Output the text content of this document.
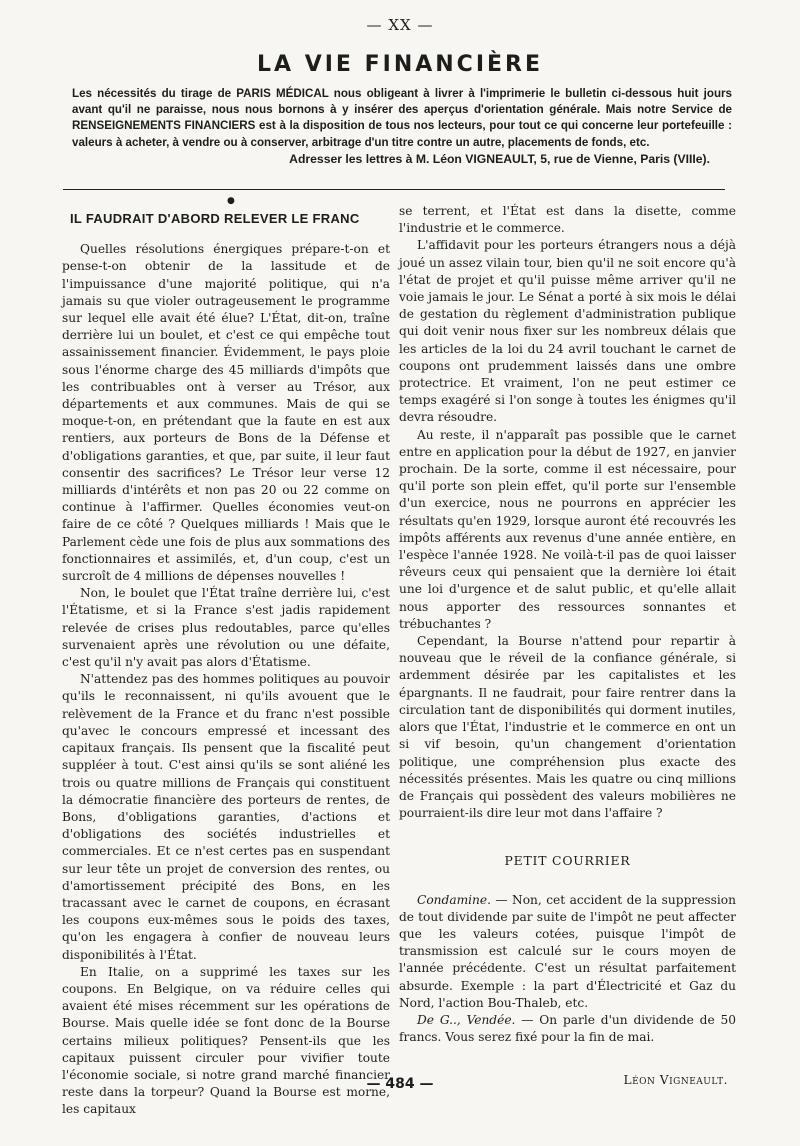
— XX —
LA VIE FINANCIÈRE
Les nécessités du tirage de PARIS MÉDICAL nous obligeant à livrer à l'imprimerie le bulletin ci-dessous huit jours avant qu'il ne paraisse, nous nous bornons à y insérer des aperçus d'orientation générale. Mais notre Service de RENSEIGNEMENTS FINANCIERS est à la disposition de tous nos lecteurs, pour tout ce qui concerne leur portefeuille : valeurs à acheter, à vendre ou à conserver, arbitrage d'un titre contre un autre, placements de fonds, etc.
Adresser les lettres à M. Léon VIGNEAULT, 5, rue de Vienne, Paris (VIIIe).
●

IL FAUDRAIT D'ABORD RELEVER LE FRANC

Quelles résolutions énergiques prépare-t-on et pense-t-on obtenir de la lassitude et de l'impuissance d'une majorité politique, qui n'a jamais su que violer outrageusement le programme sur lequel elle avait été élue? L'État, dit-on, traîne derrière lui un boulet, et c'est ce qui empêche tout assainissement financier. Évidemment, le pays ploie sous l'énorme charge des 45 milliards d'impôts que les contribuables ont à verser au Trésor, aux départements et aux communes. Mais de qui se moque-t-on, en prétendant que la faute en est aux rentiers, aux porteurs de Bons de la Défense et d'obligations garanties, et que, par suite, il leur faut consentir des sacrifices? Le Trésor leur verse 12 milliards d'intérêts et non pas 20 ou 22 comme on continue à l'affirmer. Quelles économies veut-on faire de ce côté ? Quelques milliards ! Mais que le Parlement cède une fois de plus aux sommations des fonctionnaires et assimilés, et, d'un coup, c'est un surcroît de 4 millions de dépenses nouvelles !

Non, le boulet que l'État traîne derrière lui, c'est l'Étatisme, et si la France s'est jadis rapidement relevée de crises plus redoutables, parce qu'elles survenaient après une révolution ou une défaite, c'est qu'il n'y avait pas alors d'Étatisme.

N'attendez pas des hommes politiques au pouvoir qu'ils le reconnaissent, ni qu'ils avouent que le relèvement de la France et du franc n'est possible qu'avec le concours empressé et incessant des capitaux français. Ils pensent que la fiscalité peut suppléer à tout. C'est ainsi qu'ils se sont aliéné les trois ou quatre millions de Français qui constituent la démocratie financière des porteurs de rentes, de Bons, d'obligations garanties, d'actions et d'obligations des sociétés industrielles et commerciales. Et ce n'est certes pas en suspendant sur leur tête un projet de conversion des rentes, ou d'amortissement précipité des Bons, en les tracassant avec le carnet de coupons, en écrasant les coupons eux-mêmes sous le poids des taxes, qu'on les engagera à confier de nouveau leurs disponibilités à l'État.

En Italie, on a supprimé les taxes sur les coupons. En Belgique, on va réduire celles qui avaient été mises récemment sur les opérations de Bourse. Mais quelle idée se font donc de la Bourse certains milieux politiques? Pensent-ils que les capitaux puissent circuler pour vivifier toute l'économie sociale, si notre grand marché financier reste dans la torpeur? Quand la Bourse est morne, les capitaux

se terrent, et l'État est dans la disette, comme l'industrie et le commerce.

L'affidavit pour les porteurs étrangers nous a déjà joué un assez vilain tour, bien qu'il ne soit encore qu'à l'état de projet et qu'il puisse même arriver qu'il ne voie jamais le jour. Le Sénat a porté à six mois le délai de gestation du règlement d'administration publique qui doit venir nous fixer sur les nombreux délais que les articles de la loi du 24 avril touchant le carnet de coupons ont prudemment laissés dans une ombre protectrice. Et vraiment, l'on ne peut estimer ce temps exagéré si l'on songe à toutes les énigmes qu'il devra résoudre.

Au reste, il n'apparaît pas possible que le carnet entre en application pour la début de 1927, en janvier prochain. De la sorte, comme il est nécessaire, pour qu'il porte son plein effet, qu'il porte sur l'ensemble d'un exercice, nous ne pourrons en apprécier les résultats qu'en 1929, lorsque auront été recouvrés les impôts afférents aux revenus d'une année entière, en l'espèce l'année 1928. Ne voilà-t-il pas de quoi laisser rêveurs ceux qui pensaient que la dernière loi était une loi d'urgence et de salut public, et qu'elle allait nous apporter des ressources sonnantes et trébuchantes ?

Cependant, la Bourse n'attend pour repartir à nouveau que le réveil de la confiance générale, si ardemment désirée par les capitalistes et les épargnants. Il ne faudrait, pour faire rentrer dans la circulation tant de disponibilités qui dorment inutiles, alors que l'État, l'industrie et le commerce en ont un si vif besoin, qu'un changement d'orientation politique, une compréhension plus exacte des nécessités présentes. Mais les quatre ou cinq millions de Français qui possèdent des valeurs mobilières ne pourraient-ils dire leur mot dans l'affaire ?

PETIT COURRIER

Condamine. — Non, cet accident de la suppression de tout dividende par suite de l'impôt ne peut affecter que les valeurs cotées, puisque l'impôt de transmission est calculé sur le cours moyen de l'année précédente. C'est un résultat parfaitement absurde. Exemple : la part d'Électricité et Gaz du Nord, l'action Bou-Thaleb, etc.

De G.., Vendée. — On parle d'un dividende de 50 francs. Vous serez fixé pour la fin de mai.

Léon Vigneault.

— 484 —
